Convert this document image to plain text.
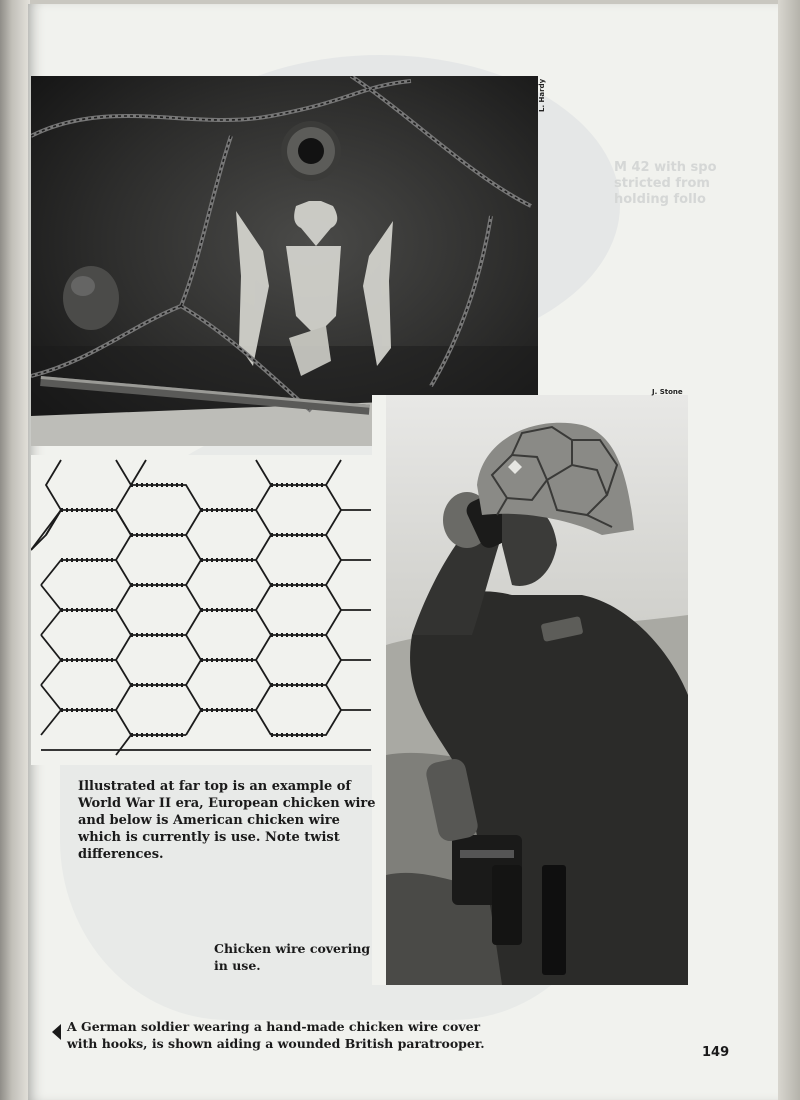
M 42 with spo
stricted from
holding follo
L. Hardy
J. Stone

Illustrated at far top is an example of World War II era, European chicken wire and below is American chicken wire which is currently is use. Note twist differences.

Chicken wire covering in use.

A German soldier wearing a hand-made chicken wire cover with hooks, is shown aiding a wounded British paratrooper.

149
